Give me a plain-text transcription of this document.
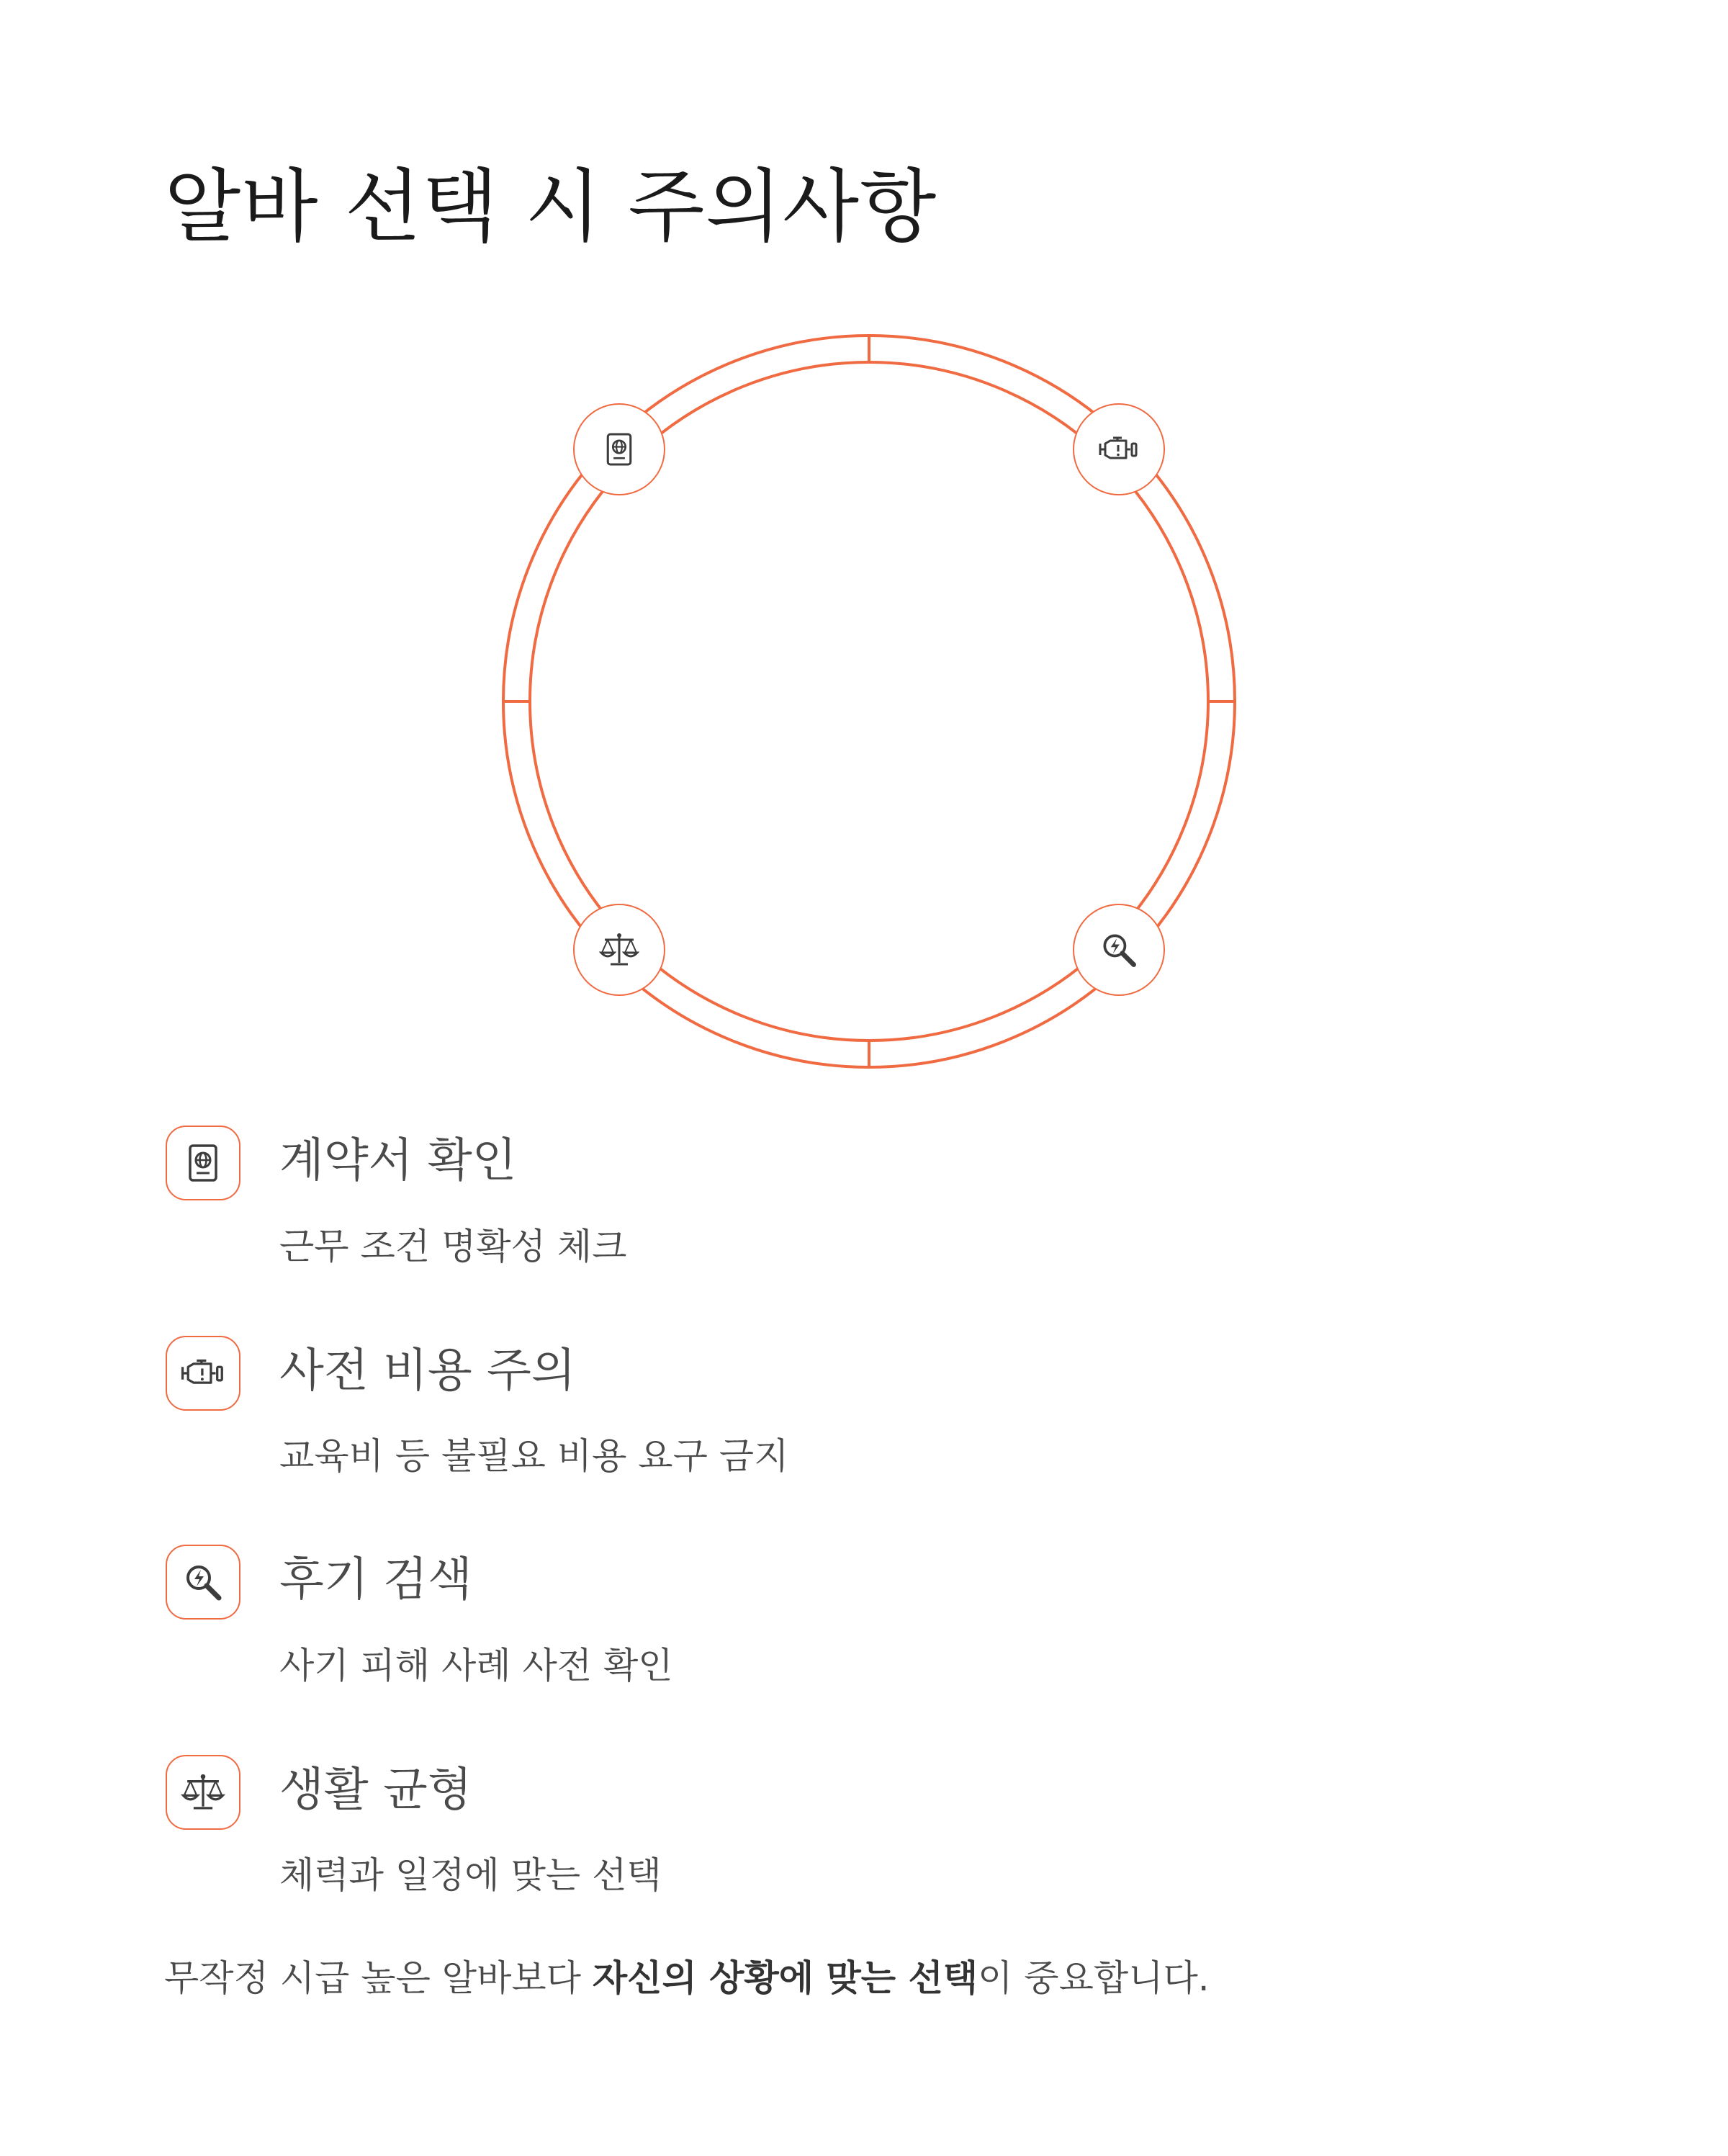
알바 선택 시 주의사항
계약서 확인

근무 조건 명확성 체크

사전 비용 주의

교육비 등 불필요 비용 요구 금지

후기 검색

사기 피해 사례 사전 확인

생활 균형

체력과 일정에 맞는 선택

무작정 시급 높은 알바보다 자신의 상황에 맞는 선택이 중요합니다.
